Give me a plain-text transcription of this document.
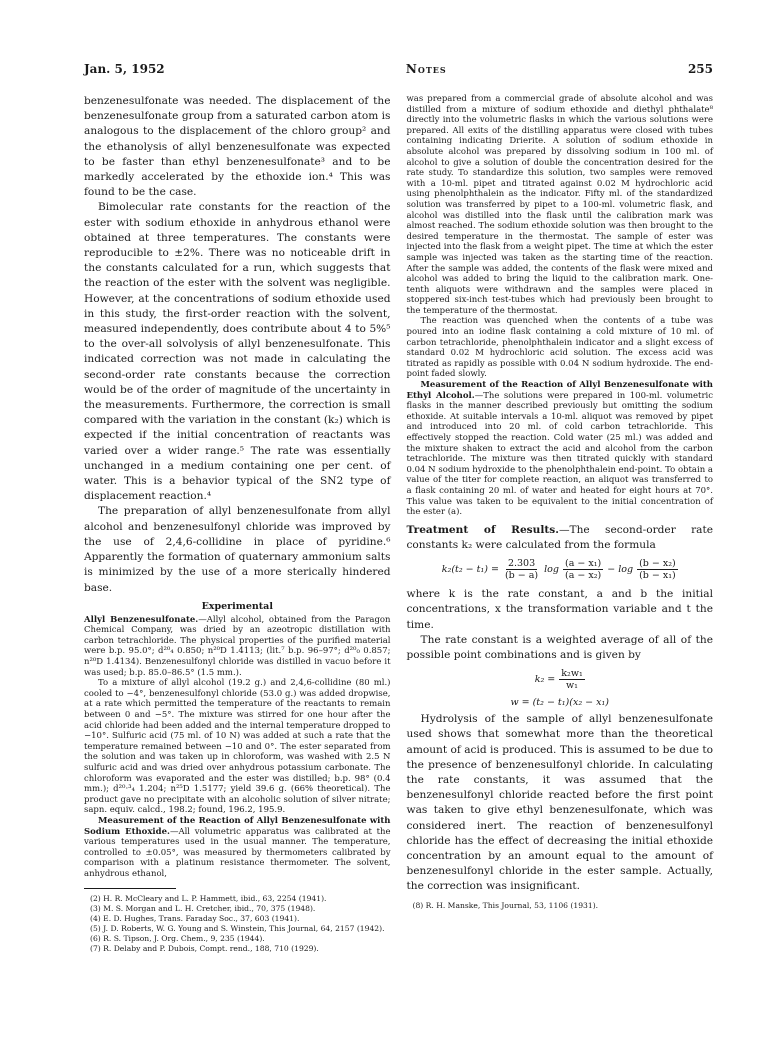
Jan. 5, 1952	Notes	255

benzenesulfonate was needed. The displacement of the benzenesulfonate group from a saturated carbon atom is analogous to the displacement of the chloro group² and the ethanolysis of allyl benzenesulfonate was expected to be faster than ethyl benzenesulfonate³ and to be markedly accelerated by the ethoxide ion.⁴ This was found to be the case.

Bimolecular rate constants for the reaction of the ester with sodium ethoxide in anhydrous ethanol were obtained at three temperatures. The constants were reproducible to ±2%. There was no noticeable drift in the constants calculated for a run, which suggests that the reaction of the ester with the solvent was negligible. However, at the concentrations of sodium ethoxide used in this study, the first-order reaction with the solvent, measured independently, does contribute about 4 to 5%⁵ to the over-all solvolysis of allyl benzenesulfonate. This indicated correction was not made in calculating the second-order rate constants because the correction would be of the order of magnitude of the uncertainty in the measurements. Furthermore, the correction is small compared with the variation in the constant (k₂) which is expected if the initial concentration of reactants was varied over a wider range.⁵ The rate was essentially unchanged in a medium containing one per cent. of water. This is a behavior typical of the SN2 type of displacement reaction.⁴

The preparation of allyl benzenesulfonate from allyl alcohol and benzenesulfonyl chloride was improved by the use of 2,4,6-collidine in place of pyridine.⁶ Apparently the formation of quaternary ammonium salts is minimized by the use of a more sterically hindered base.

Experimental

Allyl Benzenesulfonate.—Allyl alcohol, obtained from the Paragon Chemical Company, was dried by an azeotropic distillation with carbon tetrachloride. The physical properties of the purified material were b.p. 95.0°; d²⁰₄ 0.850; n²⁰D 1.4113; (lit.⁷ b.p. 96–97°; d²⁰₀ 0.857; n²⁰D 1.4134). Benzenesulfonyl chloride was distilled in vacuo before it was used; b.p. 85.0–86.5° (1.5 mm.).

To a mixture of allyl alcohol (19.2 g.) and 2,4,6-collidine (80 ml.) cooled to −4°, benzenesulfonyl chloride (53.0 g.) was added dropwise, at a rate which permitted the temperature of the reactants to remain between 0 and −5°. The mixture was stirred for one hour after the acid chloride had been added and the internal temperature dropped to −10°. Sulfuric acid (75 ml. of 10 N) was added at such a rate that the temperature remained between −10 and 0°. The ester separated from the solution and was taken up in chloroform, was washed with 2.5 N sulfuric acid and was dried over anhydrous potassium carbonate. The chloroform was evaporated and the ester was distilled; b.p. 98° (0.4 mm.); d²⁰·³₄ 1.204; n²⁵D 1.5177; yield 39.6 g. (66% theoretical). The product gave no precipitate with an alcoholic solution of silver nitrate; sapn. equiv. calcd., 198.2; found, 196.2, 195.9.

Measurement of the Reaction of Allyl Benzenesulfonate with Sodium Ethoxide.—All volumetric apparatus was calibrated at the various temperatures used in the usual manner. The temperature, controlled to ±0.05°, was measured by thermometers calibrated by comparison with a platinum resistance thermometer. The solvent, anhydrous ethanol,

(2) H. R. McCleary and L. P. Hammett, ibid., 63, 2254 (1941).
(3) M. S. Morgan and L. H. Cretcher, ibid., 70, 375 (1948).
(4) E. D. Hughes, Trans. Faraday Soc., 37, 603 (1941).
(5) J. D. Roberts, W. G. Young and S. Winstein, This Journal, 64, 2157 (1942).
(6) R. S. Tipson, J. Org. Chem., 9, 235 (1944).
(7) R. Delaby and P. Dubois, Compt. rend., 188, 710 (1929).

was prepared from a commercial grade of absolute alcohol and was distilled from a mixture of sodium ethoxide and diethyl phthalate⁸ directly into the volumetric flasks in which the various solutions were prepared. All exits of the distilling apparatus were closed with tubes containing indicating Drierite. A solution of sodium ethoxide in absolute alcohol was prepared by dissolving sodium in 100 ml. of alcohol to give a solution of double the concentration desired for the rate study. To standardize this solution, two samples were removed with a 10-ml. pipet and titrated against 0.02 M hydrochloric acid using phenolphthalein as the indicator. Fifty ml. of the standardized solution was transferred by pipet to a 100-ml. volumetric flask, and alcohol was distilled into the flask until the calibration mark was almost reached. The sodium ethoxide solution was then brought to the desired temperature in the thermostat. The sample of ester was injected into the flask from a weight pipet. The time at which the ester sample was injected was taken as the starting time of the reaction. After the sample was added, the contents of the flask were mixed and alcohol was added to bring the liquid to the calibration mark. One-tenth aliquots were withdrawn and the samples were placed in stoppered six-inch test-tubes which had previously been brought to the temperature of the thermostat.

The reaction was quenched when the contents of a tube was poured into an iodine flask containing a cold mixture of 10 ml. of carbon tetrachloride, phenolphthalein indicator and a slight excess of standard 0.02 M hydrochloric acid solution. The excess acid was titrated as rapidly as possible with 0.04 N sodium hydroxide. The end-point faded slowly.

Measurement of the Reaction of Allyl Benzenesulfonate with Ethyl Alcohol.—The solutions were prepared in 100-ml. volumetric flasks in the manner described previously but omitting the sodium ethoxide. At suitable intervals a 10-ml. aliquot was removed by pipet and introduced into 20 ml. of cold carbon tetrachloride. This effectively stopped the reaction. Cold water (25 ml.) was added and the mixture shaken to extract the acid and alcohol from the carbon tetrachloride. The mixture was then titrated quickly with standard 0.04 N sodium hydroxide to the phenolphthalein end-point. To obtain a value of the titer for complete reaction, an aliquot was transferred to a flask containing 20 ml. of water and heated for eight hours at 70°. This value was taken to be equivalent to the initial concentration of the ester (a).

Treatment of Results.—The second-order rate constants k₂ were calculated from the formula

$k_2(t_2 - t_1) = \frac{2.303}{(b - a)}$ $\log \frac{\text{(a − x₁)}}{\text{(a − x₂)}} - \log \frac{\text{(b − x₂)}}{\text{(b − x₁)}}$

where k is the rate constant, a and b the initial concentrations, x the transformation variable and t the time.

The rate constant is a weighted average of all of the possible point combinations and is given by

$k_2 = \frac{\text{k₂w₁}}{\text{w₁}}$
w = (t₂ − t₁)(x₂ − x₁)

Hydrolysis of the sample of allyl benzenesulfonate used shows that somewhat more than the theoretical amount of acid is produced. This is assumed to be due to the presence of benzenesulfonyl chloride. In calculating the rate constants, it was assumed that the benzenesulfonyl chloride reacted before the first point was taken to give ethyl benzenesulfonate, which was considered inert. The reaction of benzenesulfonyl chloride has the effect of decreasing the initial ethoxide concentration by an amount equal to the amount of benzenesulfonyl chloride in the ester sample. Actually, the correction was insignificant.

(8) R. H. Manske, This Journal, 53, 1106 (1931).
